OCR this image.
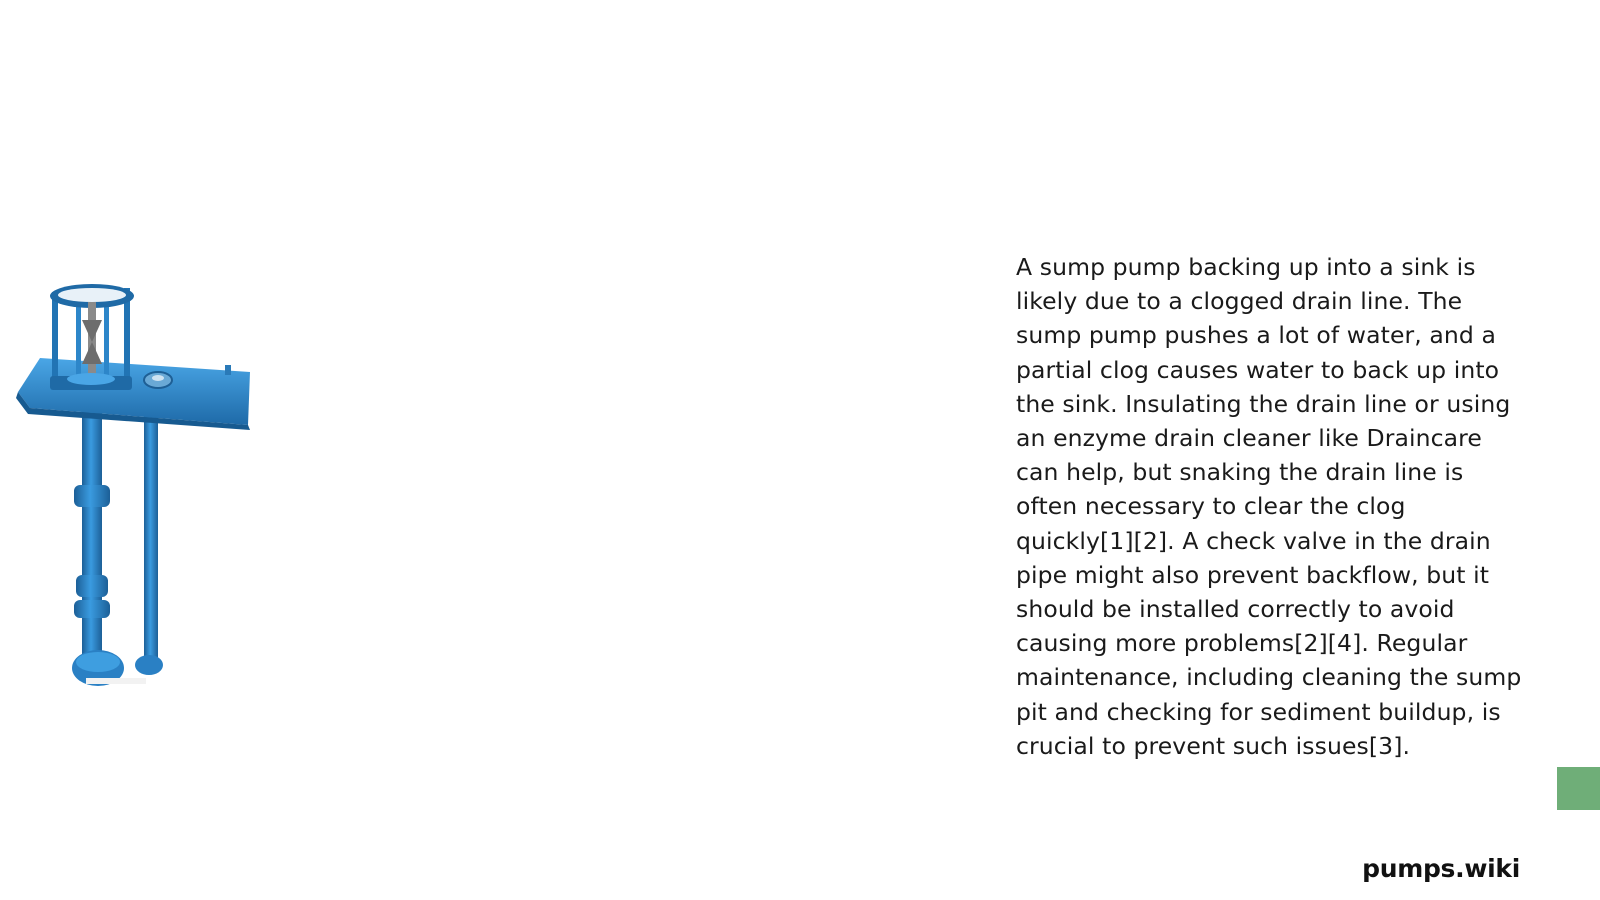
A sump pump backing up into a sink is likely due to a clogged drain line. The sump pump pushes a lot of water, and a partial clog causes water to back up into the sink. Insulating the drain line or using an enzyme drain cleaner like Draincare can help, but snaking the drain line is often necessary to clear the clog quickly[1][2]. A check valve in the drain pipe might also prevent backflow, but it should be installed correctly to avoid causing more problems[2][4]. Regular maintenance, including cleaning the sump pit and checking for sediment buildup, is crucial to prevent such issues[3].

pumps.wiki
